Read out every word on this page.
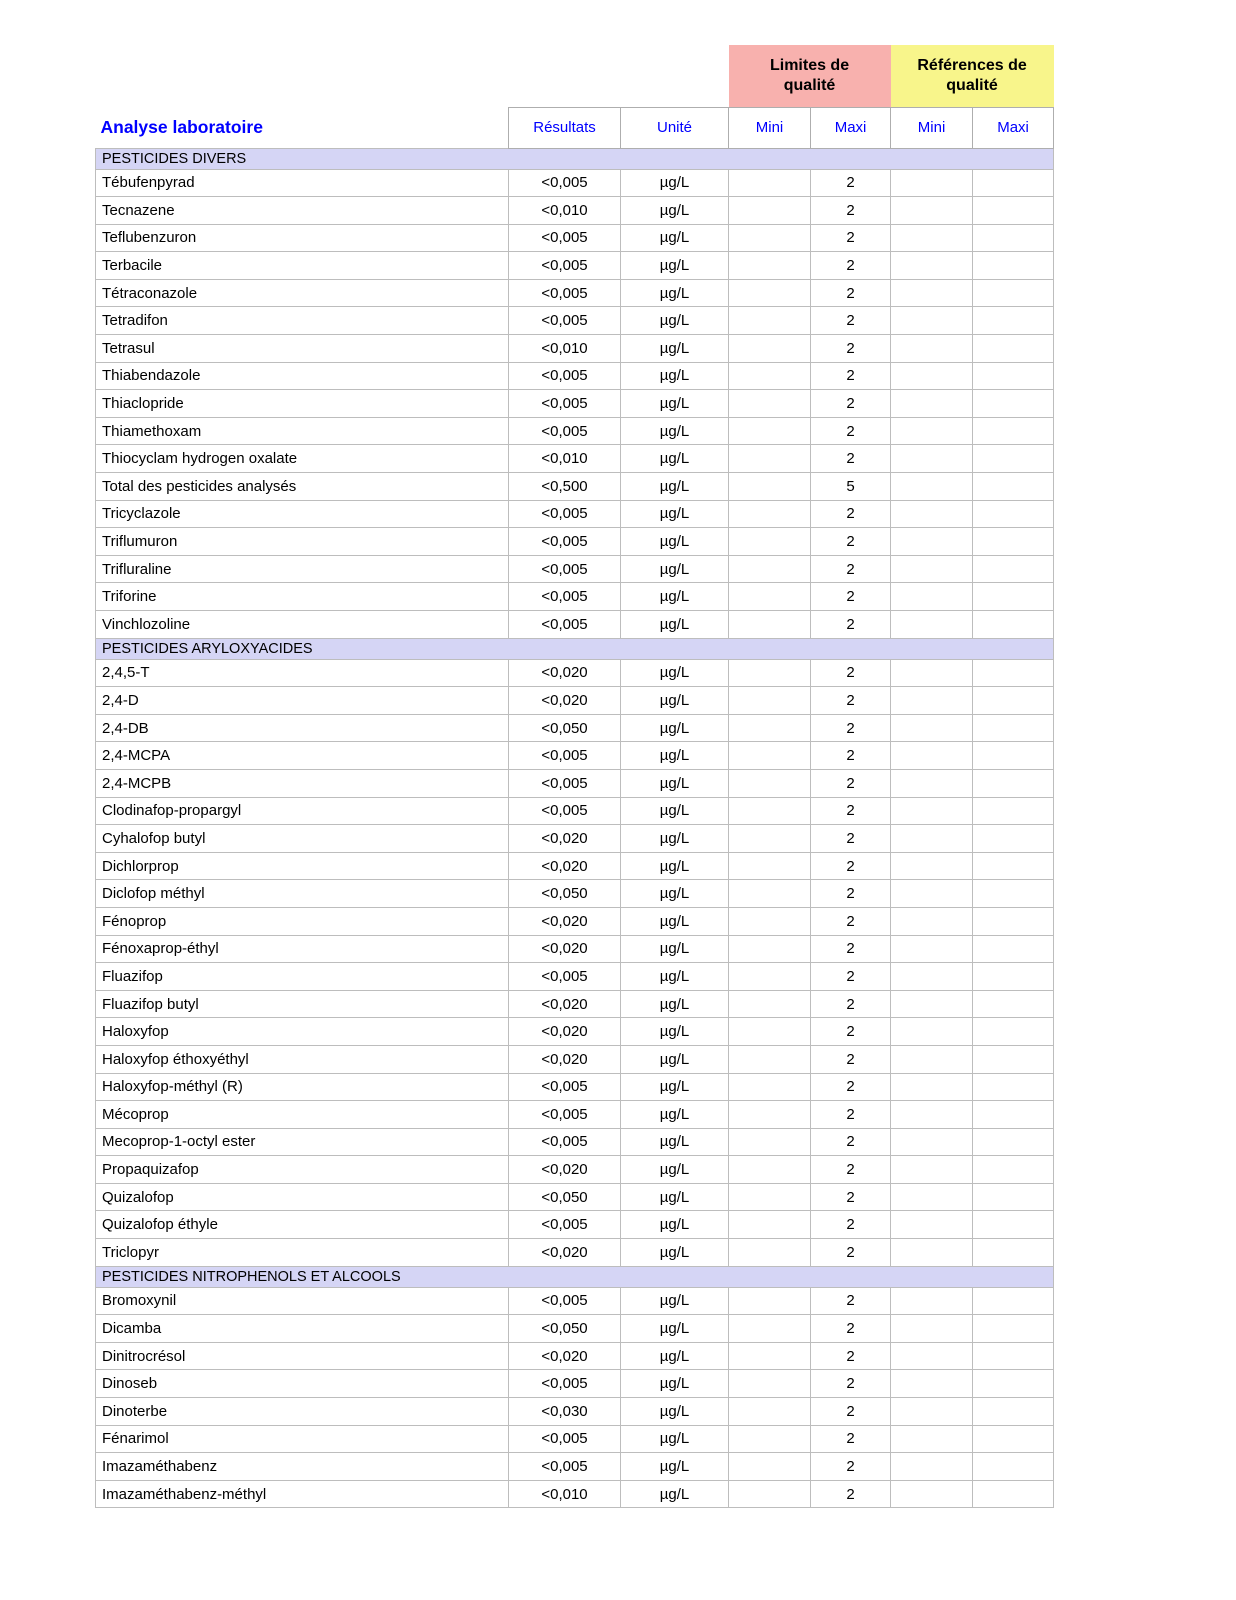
Limites de
qualité

Références de
qualité

Analyse laboratoire	Résultats	Unité	Mini	Maxi	Mini	Maxi
PESTICIDES DIVERS						
Tébufenpyrad	<0,005	µg/L		2		
Tecnazene	<0,010	µg/L		2		
Teflubenzuron	<0,005	µg/L		2		
Terbacile	<0,005	µg/L		2		
Tétraconazole	<0,005	µg/L		2		
Tetradifon	<0,005	µg/L		2		
Tetrasul	<0,010	µg/L		2		
Thiabendazole	<0,005	µg/L		2		
Thiaclopride	<0,005	µg/L		2		
Thiamethoxam	<0,005	µg/L		2		
Thiocyclam hydrogen oxalate	<0,010	µg/L		2		
Total des pesticides analysés	<0,500	µg/L		5		
Tricyclazole	<0,005	µg/L		2		
Triflumuron	<0,005	µg/L		2		
Trifluraline	<0,005	µg/L		2		
Triforine	<0,005	µg/L		2		
Vinchlozoline	<0,005	µg/L		2		
PESTICIDES ARYLOXYACIDES						
2,4,5-T	<0,020	µg/L		2		
2,4-D	<0,020	µg/L		2		
2,4-DB	<0,050	µg/L		2		
2,4-MCPA	<0,005	µg/L		2		
2,4-MCPB	<0,005	µg/L		2		
Clodinafop-propargyl	<0,005	µg/L		2		
Cyhalofop butyl	<0,020	µg/L		2		
Dichlorprop	<0,020	µg/L		2		
Diclofop méthyl	<0,050	µg/L		2		
Fénoprop	<0,020	µg/L		2		
Fénoxaprop-éthyl	<0,020	µg/L		2		
Fluazifop	<0,005	µg/L		2		
Fluazifop butyl	<0,020	µg/L		2		
Haloxyfop	<0,020	µg/L		2		
Haloxyfop éthoxyéthyl	<0,020	µg/L		2		
Haloxyfop-méthyl (R)	<0,005	µg/L		2		
Mécoprop	<0,005	µg/L		2		
Mecoprop-1-octyl ester	<0,005	µg/L		2		
Propaquizafop	<0,020	µg/L		2		
Quizalofop	<0,050	µg/L		2		
Quizalofop éthyle	<0,005	µg/L		2		
Triclopyr	<0,020	µg/L		2		
PESTICIDES NITROPHENOLS ET ALCOOLS						
Bromoxynil	<0,005	µg/L		2		
Dicamba	<0,050	µg/L		2		
Dinitrocrésol	<0,020	µg/L		2		
Dinoseb	<0,005	µg/L		2		
Dinoterbe	<0,030	µg/L		2		
Fénarimol	<0,005	µg/L		2		
Imazaméthabenz	<0,005	µg/L		2		
Imazaméthabenz-méthyl	<0,010	µg/L		2		
